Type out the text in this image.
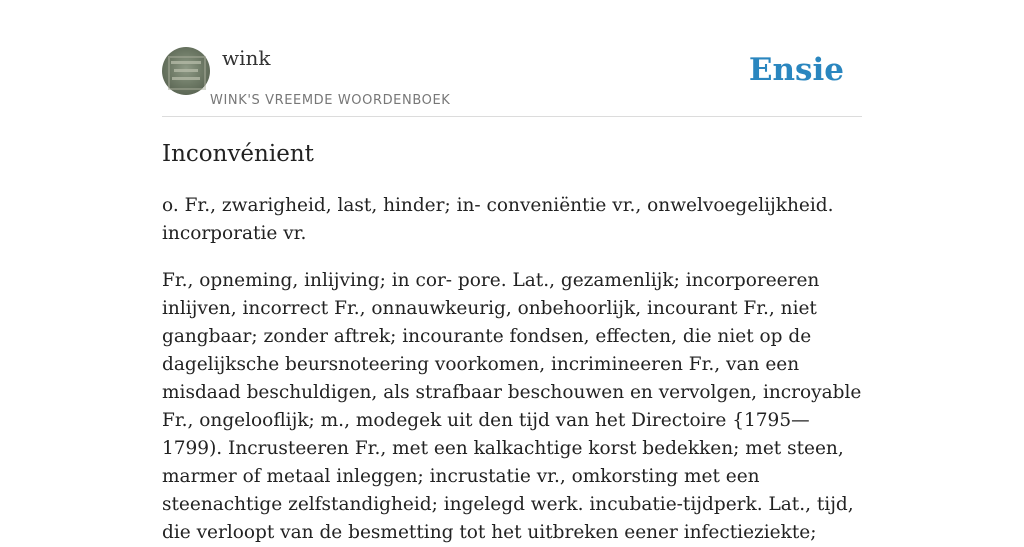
wink
WINK'S VREEMDE WOORDENBOEK
Ensie
Inconvénient

o. Fr., zwarigheid, last, hinder; in- conveniëntie vr., onwelvoegelijkheid. incorporatie vr.

Fr., opneming, inlijving; in cor- pore. Lat., gezamenlijk; incorporeeren inlijven, incorrect Fr., onnauwkeurig, onbehoorlijk, incourant Fr., niet gangbaar; zonder aftrek; incourante fondsen, effecten, die niet op de dagelijksche beursnoteering voorkomen, incrimineeren Fr., van een misdaad beschuldigen, als strafbaar beschouwen en vervolgen, incroyable Fr., ongelooflijk; m., modegek uit den tijd van het Directoire {1795—1799). Incrusteeren Fr., met een kalkachtige korst bedekken; met steen, marmer of metaal inleggen; incrustatie vr., omkorsting met een steenachtige zelfstandigheid; ingelegd werk. incubatie-tijdperk. Lat., tijd, die verloopt van de besmetting tot het uitbreken eener infectieziekte;
